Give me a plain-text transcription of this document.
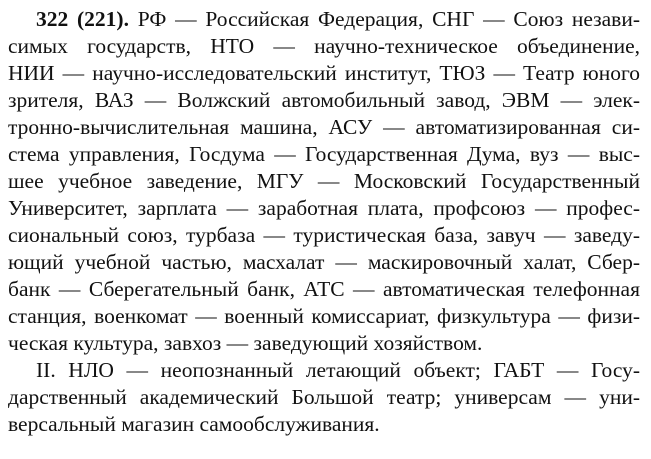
322 (221). РФ — Российская Федерация, СНГ — Союз незави-
симых государств, НТО — научно-техническое объединение,
НИИ — научно-исследовательский институт, ТЮЗ — Театр юного
зрителя, ВАЗ — Волжский автомобильный завод, ЭВМ — элек-
тронно-вычислительная машина, АСУ — автоматизированная си-
стема управления, Госдума — Государственная Дума, вуз — выс-
шее учебное заведение, МГУ — Московский Государственный
Университет, зарплата — заработная плата, профсоюз — профес-
сиональный союз, турбаза — туристическая база, завуч — заведу-
ющий учебной частью, масхалат — маскировочный халат, Сбер-
банк — Сберегательный банк, АТС — автоматическая телефонная
станция, военкомат — военный комиссариат, физкультура — физи-
ческая культура, завхоз — заведующий хозяйством.
II. НЛО — неопознанный летающий объект; ГАБТ — Госу-
дарственный академический Большой театр; универсам — уни-
версальный магазин самообслуживания.
